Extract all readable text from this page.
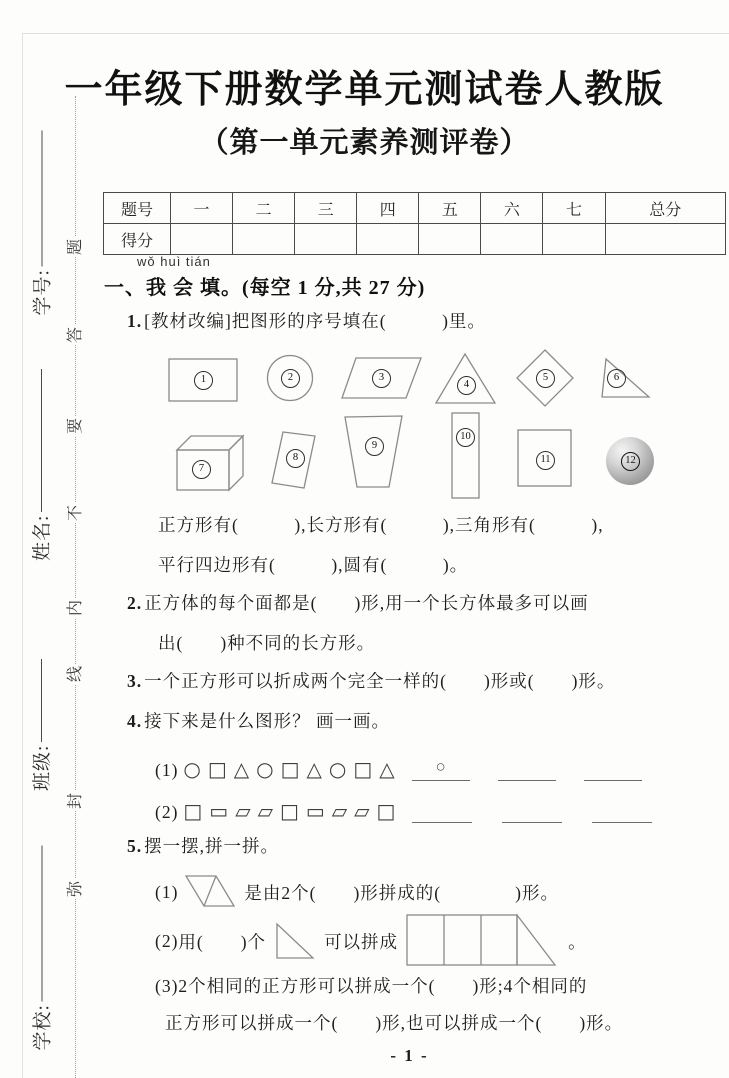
学号:
姓名:
班级:
学校:
题
答
要
不
内
线
封
弥
一年级下册数学单元测试卷人教版
（第一单元素养测评卷）
题号	一	二	三	四	五	六	七	总分
得分								
wǒ huì tián
一、我 会 填。(每空 1 分,共 27 分)
1. [教材改编]把图形的序号填在(　　　)里。
1	2	3
4
5	6
7
8
9
10
11	12
正方形有(　　　),长方形有(　　　),三角形有(　　　),
平行四边形有(　　　),圆有(　　　)。
2. 正方体的每个面都是(　　)形,用一个长方体最多可以画
出(　　)种不同的长方形。
3. 一个正方形可以折成两个完全一样的(　　)形或(　　)形。
4. 接下来是什么图形？ 画一画。
(1) ○□△○□△○□△	○
(2) □▭▱▱□▭▱▱□
5. 摆一摆,拼一拼。
(1)	是由2个(　　)形拼成的(　　　　)形。
(2) 用(　　)个	可以拼成	。
(3)2个相同的正方形可以拼成一个(　　)形;4个相同的
正方形可以拼成一个(　　)形,也可以拼成一个(　　)形。
- 1 -
